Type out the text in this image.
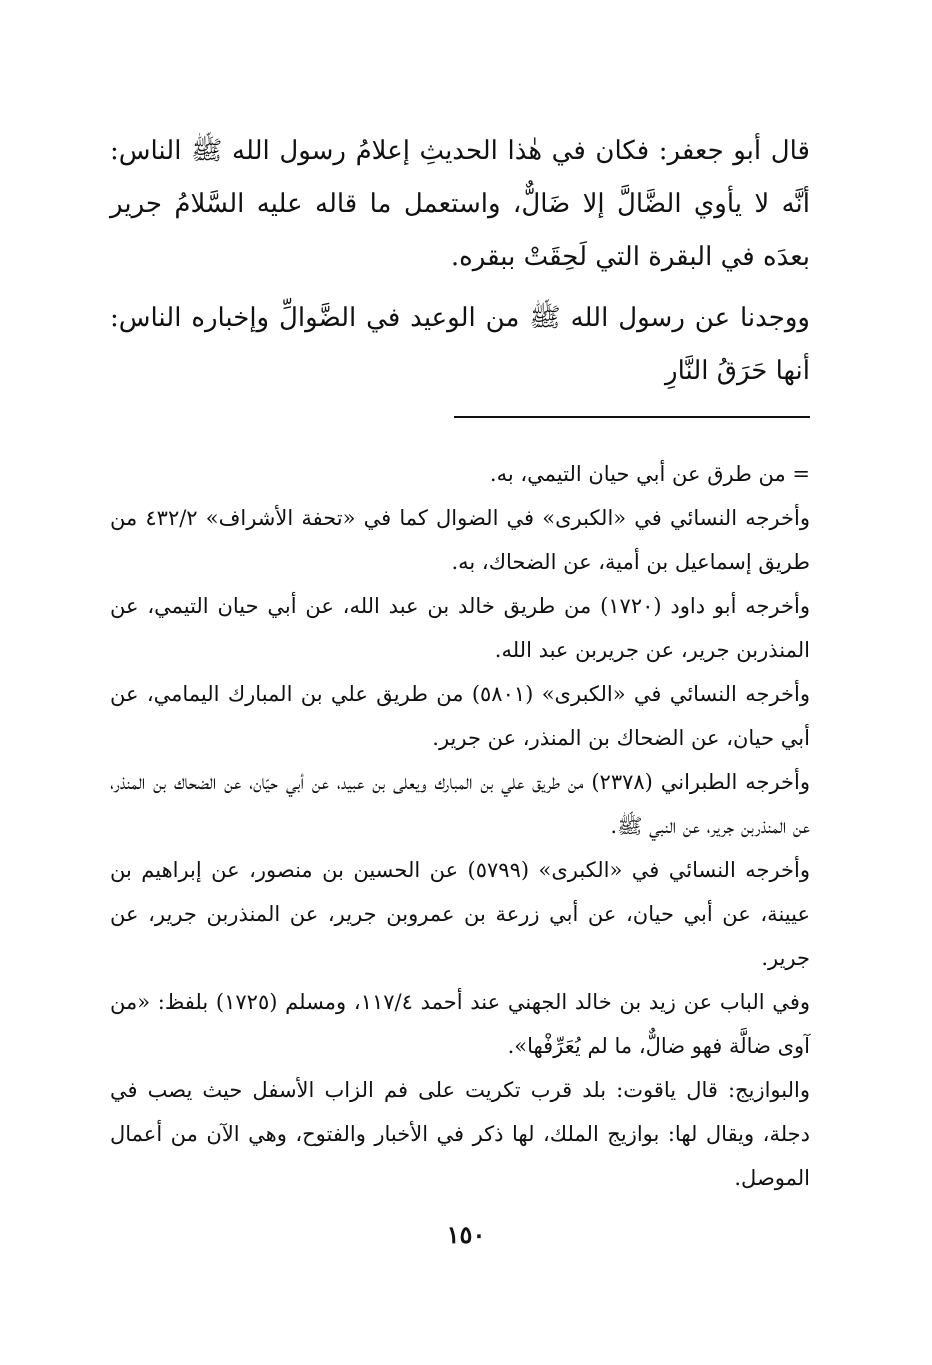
قال أبو جعفر: فكان في هٰذا الحديثِ إعلامُ رسول الله ﷺ الناس: أنَّه لا يأوي الضَّالَّ إلا ضَالٌّ، واستعمل ما قاله عليه السَّلامُ جرير بعدَه في البقرة التي لَحِقَتْ ببقره.

ووجدنا عن رسول الله ﷺ من الوعيد في الضَّوالِّ وإخباره الناس: أنها حَرَقُ النَّارِ

= من طرق عن أبي حيان التيمي، به.

وأخرجه النسائي في «الكبرى» في الضوال كما في «تحفة الأشراف» ٤٣٢/٢ من طريق إسماعيل بن أمية، عن الضحاك، به.

وأخرجه أبو داود (١٧٢٠) من طريق خالد بن عبد الله، عن أبي حيان التيمي، عن المنذربن جرير، عن جريربن عبد الله.

وأخرجه النسائي في «الكبرى» (٥٨٠١) من طريق علي بن المبارك اليمامي، عن أبي حيان، عن الضحاك بن المنذر، عن جرير.

وأخرجه الطبراني (٢٣٧٨) من طريق علي بن المبارك ويعلى بن عبيد، عن أبي حيّان، عن الضحاك بن المنذر، عن المنذربن جرير، عن النبي ﷺ.

وأخرجه النسائي في «الكبرى» (٥٧٩٩) عن الحسين بن منصور، عن إبراهيم بن عيينة، عن أبي حيان، عن أبي زرعة بن عمروبن جرير، عن المنذربن جرير، عن جرير.

وفي الباب عن زيد بن خالد الجهني عند أحمد ١١٧/٤، ومسلم (١٧٢٥) بلفظ: «من آوى ضالَّة فهو ضالٌّ، ما لم يُعَرِّفْها».

والبوازيج: قال ياقوت: بلد قرب تكريت على فم الزاب الأسفل حيث يصب في دجلة، ويقال لها: بوازيج الملك، لها ذكر في الأخبار والفتوح، وهي الآن من أعمال الموصل.

١٥٠
